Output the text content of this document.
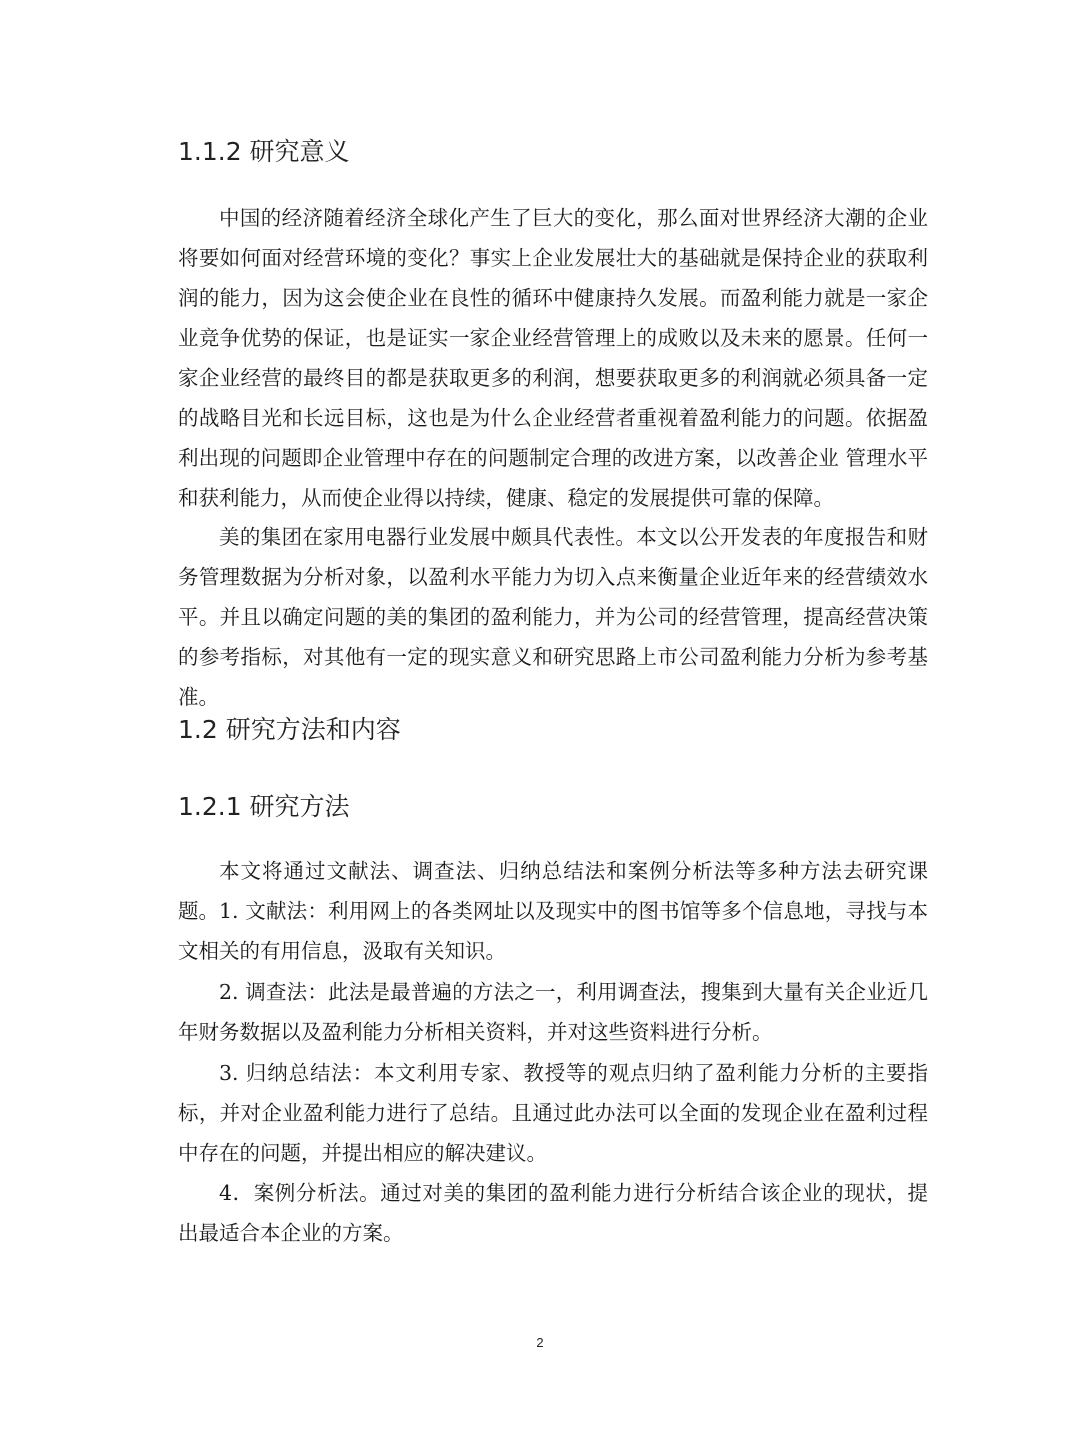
1.1.2 研究意义

中国的经济随着经济全球化产生了巨大的变化，那么面对世界经济大潮的企业将要如何面对经营环境的变化？事实上企业发展壮大的基础就是保持企业的获取利润的能力，因为这会使企业在良性的循环中健康持久发展。而盈利能力就是一家企业竞争优势的保证，也是证实一家企业经营管理上的成败以及未来的愿景。任何一家企业经营的最终目的都是获取更多的利润，想要获取更多的利润就必须具备一定的战略目光和长远目标，这也是为什么企业经营者重视着盈利能力的问题。依据盈利出现的问题即企业管理中存在的问题制定合理的改进方案，以改善企业 管理水平和获利能力，从而使企业得以持续，健康、稳定的发展提供可靠的保障。

美的集团在家用电器行业发展中颇具代表性。本文以公开发表的年度报告和财务管理数据为分析对象，以盈利水平能力为切入点来衡量企业近年来的经营绩效水平。并且以确定问题的美的集团的盈利能力，并为公司的经营管理，提高经营决策的参考指标，对其他有一定的现实意义和研究思路上市公司盈利能力分析为参考基准。

1.2 研究方法和内容
1.2.1 研究方法

本文将通过文献法、调查法、归纳总结法和案例分析法等多种方法去研究课题。 1. 文献法：利用网上的各类网址以及现实中的图书馆等多个信息地，寻找与本文相关的有用信息，汲取有关知识。

2. 调查法：此法是最普遍的方法之一，利用调查法，搜集到大量有关企业近几年财务数据以及盈利能力分析相关资料，并对这些资料进行分析。

3. 归纳总结法：本文利用专家、教授等的观点归纳了盈利能力分析的主要指标，并对企业盈利能力进行了总结。且通过此办法可以全面的发现企业在盈利过程中存在的问题，并提出相应的解决建议。

4．案例分析法。通过对美的集团的盈利能力进行分析结合该企业的现状，提出最适合本企业的方案。

2
